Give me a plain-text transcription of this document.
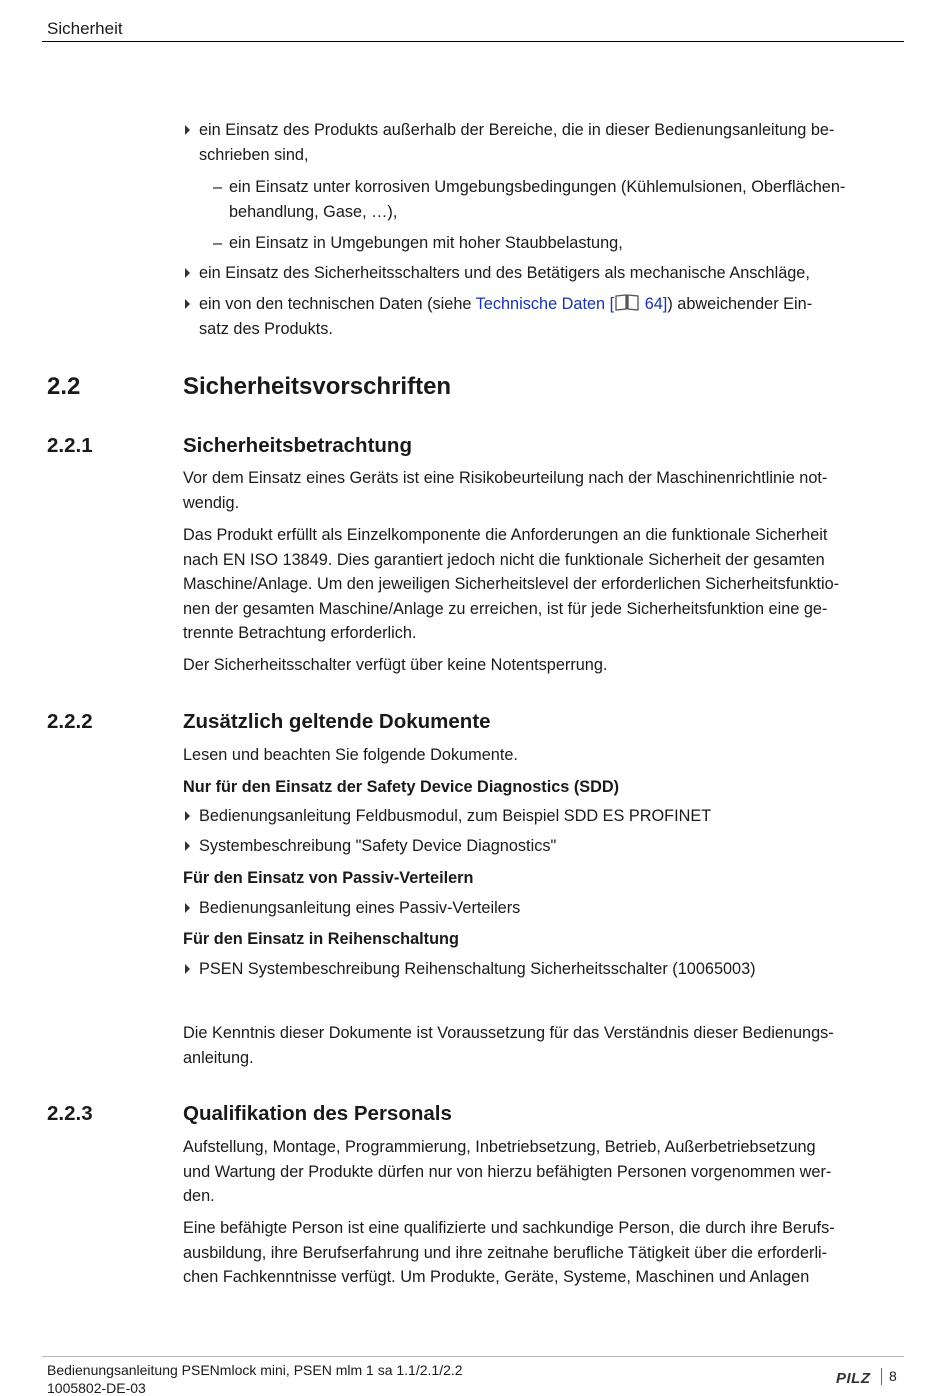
Sicherheit
ein Einsatz des Produkts außerhalb der Bereiche, die in dieser Bedienungsanleitung be-
schrieben sind,
– ein Einsatz unter korrosiven Umgebungsbedingungen (Kühlemulsionen, Oberflächen-
behandlung, Gase, …),
– ein Einsatz in Umgebungen mit hoher Staubbelastung,
ein Einsatz des Sicherheitsschalters und des Betätigers als mechanische Anschläge,
ein von den technischen Daten (siehe Technische Daten [ 64]) abweichender Ein-
satz des Produkts.
2.2	Sicherheitsvorschriften
2.2.1	Sicherheitsbetrachtung
Vor dem Einsatz eines Geräts ist eine Risikobeurteilung nach der Maschinenrichtlinie not-
wendig.
Das Produkt erfüllt als Einzelkomponente die Anforderungen an die funktionale Sicherheit
nach EN ISO 13849. Dies garantiert jedoch nicht die funktionale Sicherheit der gesamten
Maschine/Anlage. Um den jeweiligen Sicherheitslevel der erforderlichen Sicherheitsfunktio-
nen der gesamten Maschine/Anlage zu erreichen, ist für jede Sicherheitsfunktion eine ge-
trennte Betrachtung erforderlich.
Der Sicherheitsschalter verfügt über keine Notentsperrung.
2.2.2	Zusätzlich geltende Dokumente
Lesen und beachten Sie folgende Dokumente.
Nur für den Einsatz der Safety Device Diagnostics (SDD)
Bedienungsanleitung Feldbusmodul, zum Beispiel SDD ES PROFINET
Systembeschreibung "Safety Device Diagnostics"
Für den Einsatz von Passiv-Verteilern
Bedienungsanleitung eines Passiv-Verteilers
Für den Einsatz in Reihenschaltung
PSEN Systembeschreibung Reihenschaltung Sicherheitsschalter (10065003)
Die Kenntnis dieser Dokumente ist Voraussetzung für das Verständnis dieser Bedienungs-
anleitung.
2.2.3	Qualifikation des Personals
Aufstellung, Montage, Programmierung, Inbetriebsetzung, Betrieb, Außerbetriebsetzung
und Wartung der Produkte dürfen nur von hierzu befähigten Personen vorgenommen wer-
den.
Eine befähigte Person ist eine qualifizierte und sachkundige Person, die durch ihre Berufs-
ausbildung, ihre Berufserfahrung und ihre zeitnahe berufliche Tätigkeit über die erforderli-
chen Fachkenntnisse verfügt. Um Produkte, Geräte, Systeme, Maschinen und Anlagen
Bedienungsanleitung PSENmlock mini, PSEN mlm 1 sa 1.1/2.1/2.2
1005802-DE-03
PILZ 8
